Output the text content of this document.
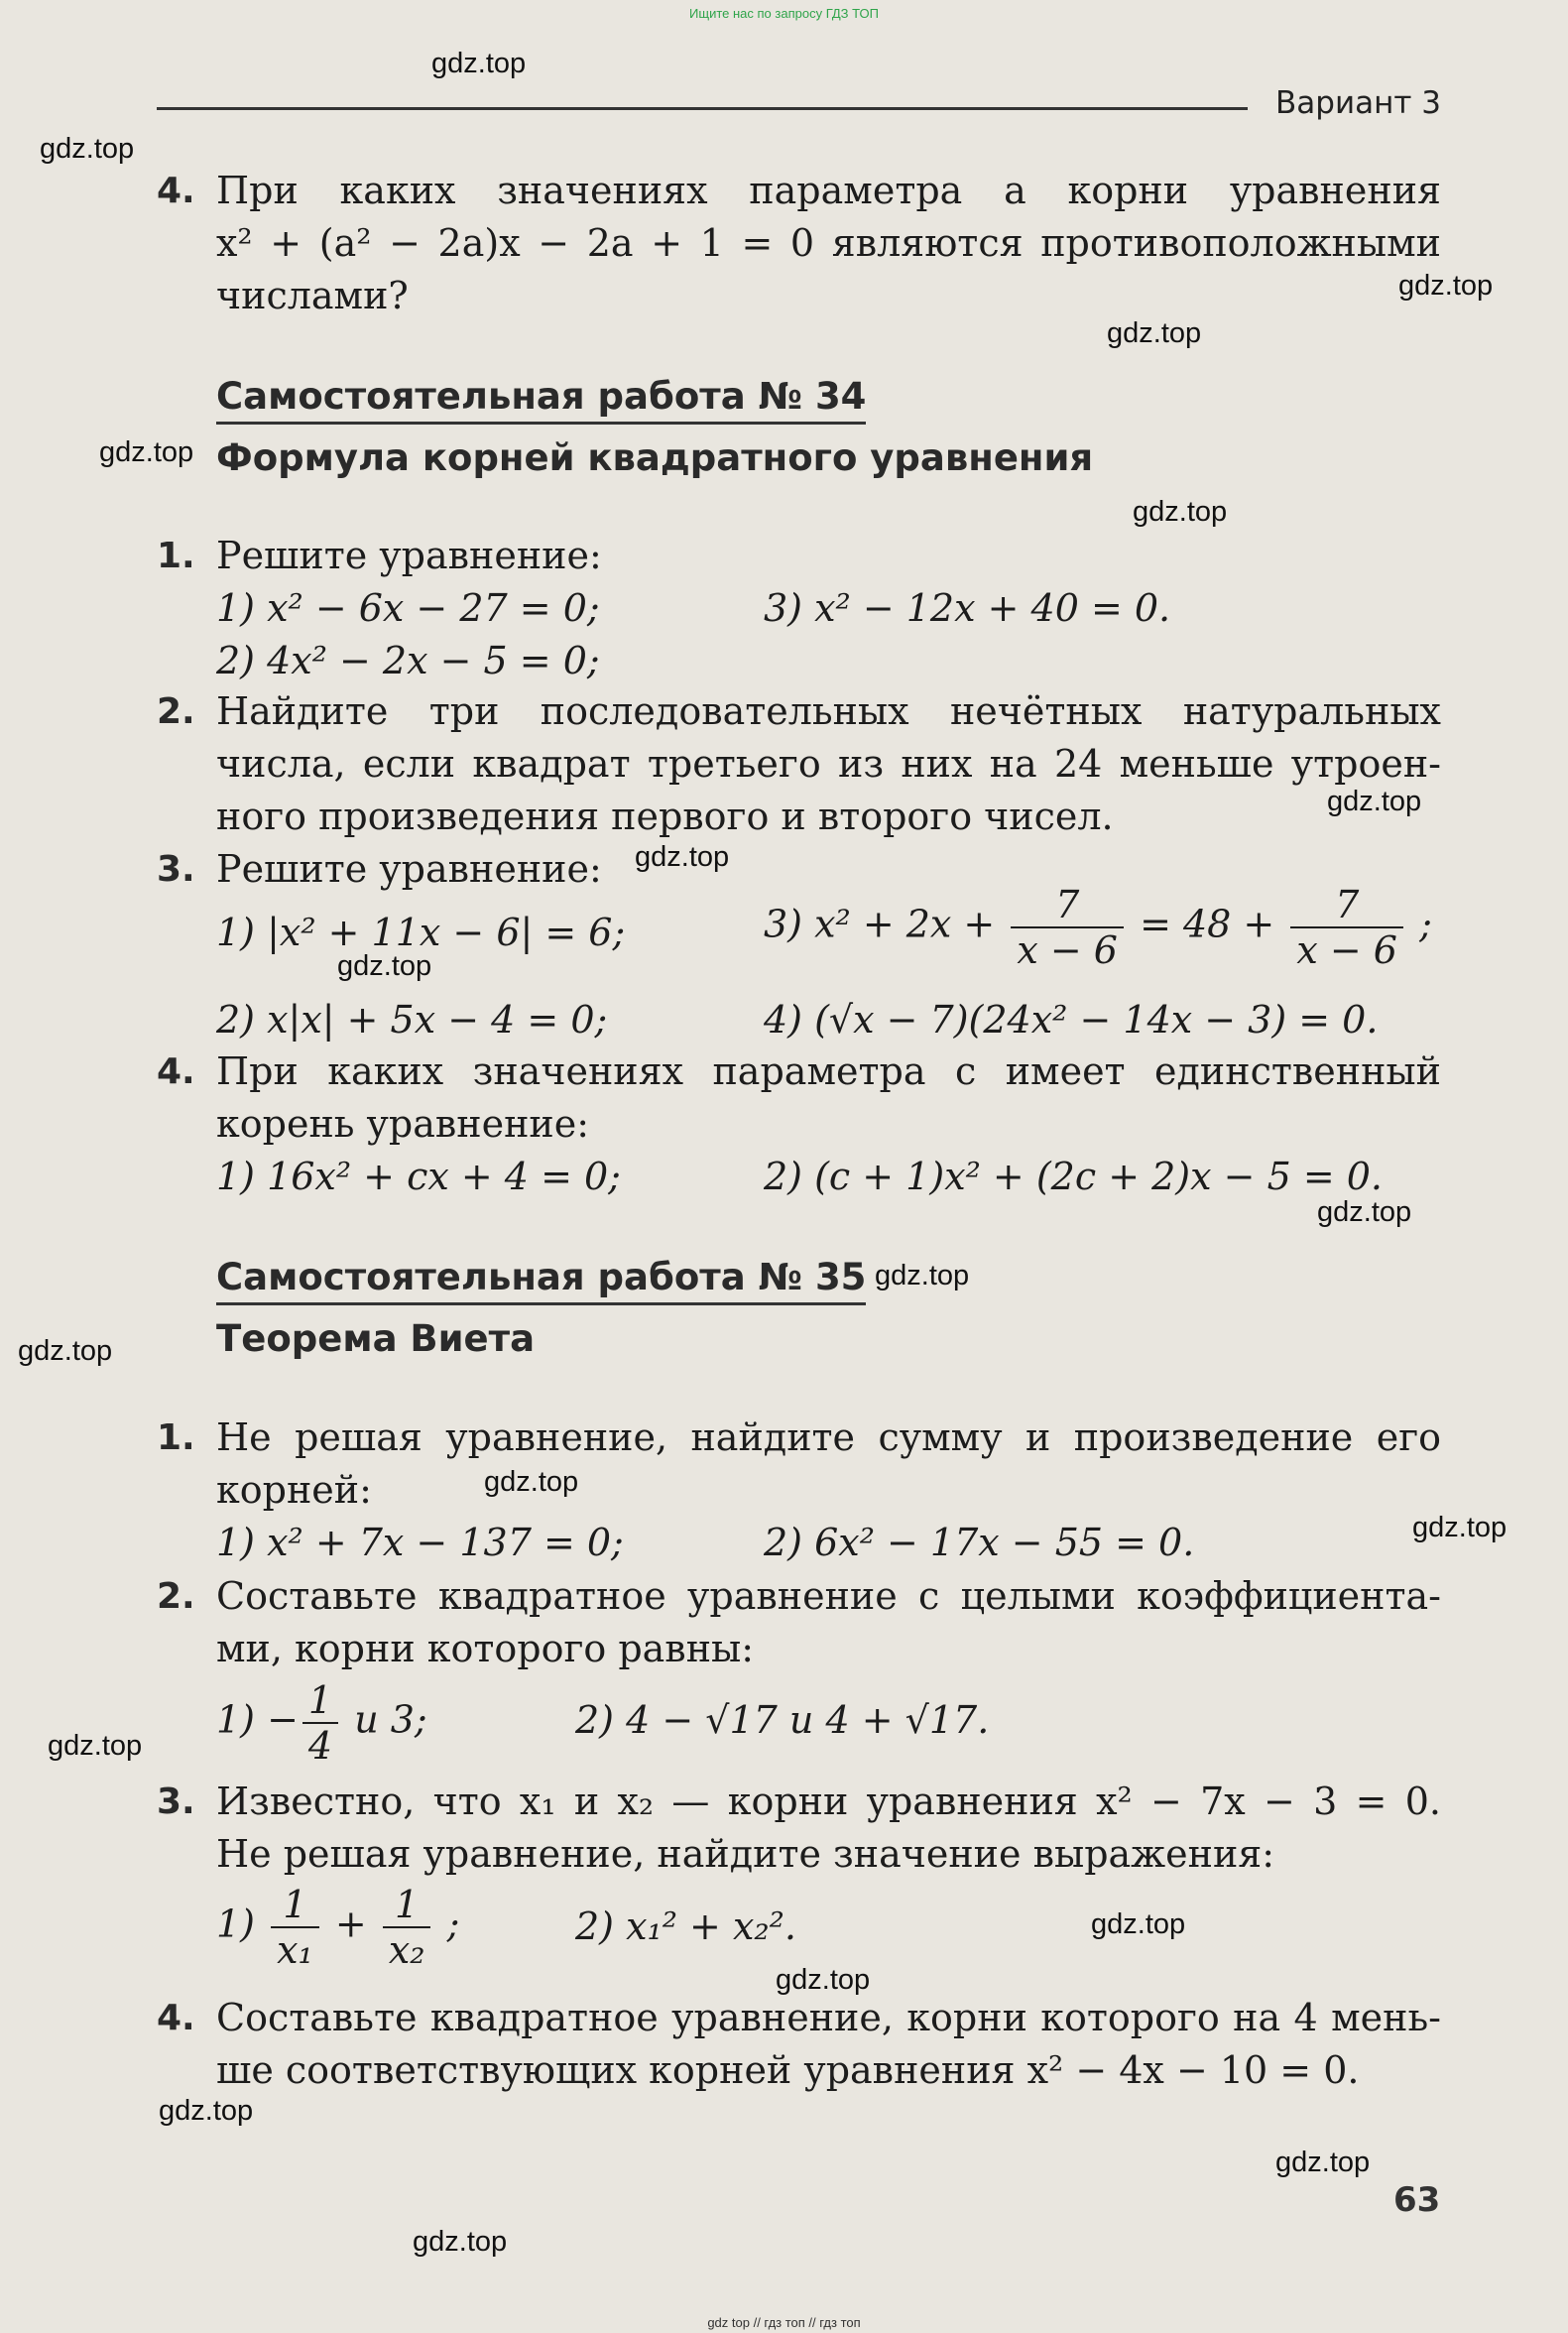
Ищите нас по запросу ГДЗ ТОП
Вариант 3
4. При каких значениях параметра a корни уравнения
x² + (a² − 2a)x − 2a + 1 = 0 являются противоположными
числами?
Самостоятельная работа № 34
Формула корней квадратного уравнения
1. Решите уравнение:
1) x² − 6x − 27 = 0;	3) x² − 12x + 40 = 0.
2) 4x² − 2x − 5 = 0;
2. Найдите три последовательных нечётных натуральных
числа, если квадрат третьего из них на 24 меньше утроен-
ного произведения первого и второго чисел.
3. Решите уравнение:
1) |x² + 11x − 6| = 6;	3) $x^2 + 2x + \frac{7}{x - 6} = 48 + \frac{7}{x - 6}$ ;
2) x|x| + 5x − 4 = 0;	4) (√x − 7)(24x² − 14x − 3) = 0.
4. При каких значениях параметра c имеет единственный
корень уравнение:
1) 16x² + cx + 4 = 0;	2) (c + 1)x² + (2c + 2)x − 5 = 0.
Самостоятельная работа № 35
Теорема Виета
1. Не решая уравнение, найдите сумму и произведение его
корней:
1) x² + 7x − 137 = 0;	2) 6x² − 17x − 55 = 0.
2. Составьте квадратное уравнение с целыми коэффициента-
ми, корни которого равны:
$1) - \frac{1}{4}$ и 3;	2) 4 − √17 и 4 + √17.
3. Известно, что x₁ и x₂ — корни уравнения x² − 7x − 3 = 0.
Не решая уравнение, найдите значение выражения:
$1) \frac{1}{\text{x₁}} + \frac{1}{\text{x₂}}$ ;	2) x₁² + x₂².
4. Составьте квадратное уравнение, корни которого на 4 мень-
ше соответствующих корней уравнения x² − 4x − 10 = 0.
63
gdz.top
gdz.top
gdz.top
gdz.top
gdz.top
gdz.top
gdz.top
gdz.top
gdz.top
gdz.top
gdz.top
gdz.top
gdz.top
gdz.top
gdz.top
gdz.top
gdz.top
gdz.top
gdz.top
gdz.top
gdz top // гдз топ // гдз топ
